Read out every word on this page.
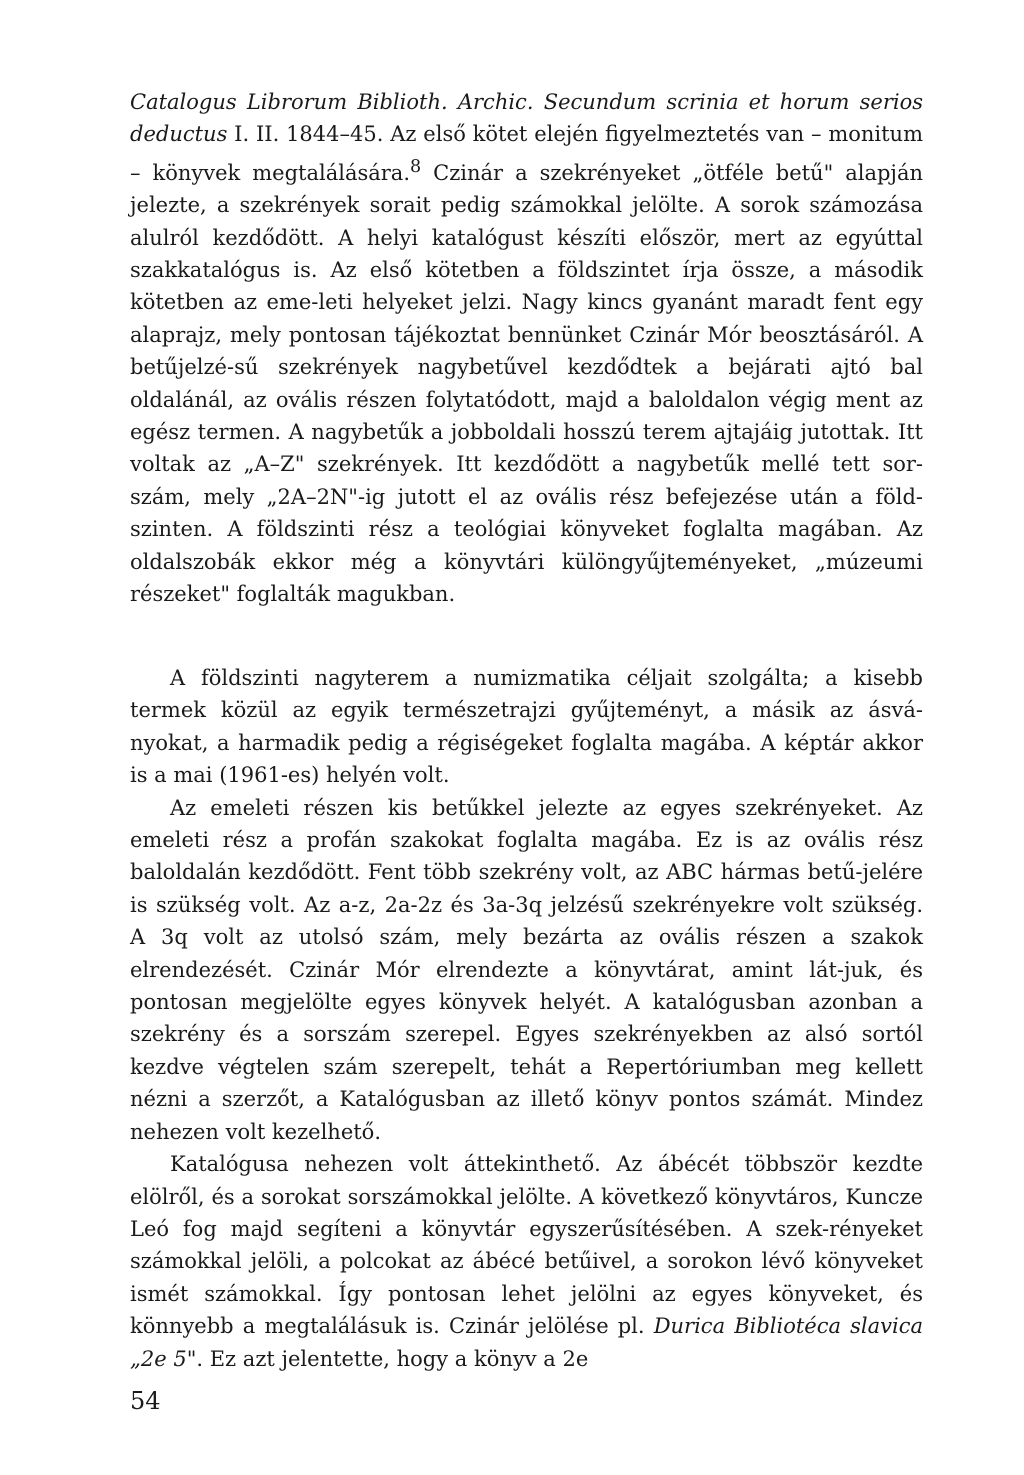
Catalogus Librorum Biblioth. Archic. Secundum scrinia et horum serios deductus I. II. 1844–45. Az első kötet elején figyelmeztetés van – monitum – könyvek megtalálására.$^8$ Czinár a szekrényeket „ötféle betű" alapján jelezte, a szekrények sorait pedig számokkal jelölte. A sorok számozása alulról kezdődött. A helyi katalógust készíti először, mert az egyúttal szakkatalógus is. Az első kötetben a földszintet írja össze, a második kötetben az eme-leti helyeket jelzi. Nagy kincs gyanánt maradt fent egy alaprajz, mely pontosan tájékoztat bennünket Czinár Mór beosztásáról. A betűjelzé-sű szekrények nagybetűvel kezdődtek a bejárati ajtó bal oldalánál, az ovális részen folytatódott, majd a baloldalon végig ment az egész termen. A nagybetűk a jobboldali hosszú terem ajtajáig jutottak. Itt voltak az „A–Z" szekrények. Itt kezdődött a nagybetűk mellé tett sor-szám, mely „2A–2N"-ig jutott el az ovális rész befejezése után a föld-szinten. A földszinti rész a teológiai könyveket foglalta magában. Az oldalszobák ekkor még a könyvtári különgyűjteményeket, „múzeumi részeket" foglalták magukban.

A földszinti nagyterem a numizmatika céljait szolgálta; a kisebb termek közül az egyik természetrajzi gyűjteményt, a másik az ásvá-nyokat, a harmadik pedig a régiségeket foglalta magába. A képtár akkor is a mai (1961-es) helyén volt.

Az emeleti részen kis betűkkel jelezte az egyes szekrényeket. Az emeleti rész a profán szakokat foglalta magába. Ez is az ovális rész baloldalán kezdődött. Fent több szekrény volt, az ABC hármas betű-jelére is szükség volt. Az a-z, 2a-2z és 3a-3q jelzésű szekrényekre volt szükség. A 3q volt az utolsó szám, mely bezárta az ovális részen a szakok elrendezését. Czinár Mór elrendezte a könyvtárat, amint lát-juk, és pontosan megjelölte egyes könyvek helyét. A katalógusban azonban a szekrény és a sorszám szerepel. Egyes szekrényekben az alsó sortól kezdve végtelen szám szerepelt, tehát a Repertóriumban meg kellett nézni a szerzőt, a Katalógusban az illető könyv pontos számát. Mindez nehezen volt kezelhető.

Katalógusa nehezen volt áttekinthető. Az ábécét többször kezdte elölről, és a sorokat sorszámokkal jelölte. A következő könyvtáros, Kuncze Leó fog majd segíteni a könyvtár egyszerűsítésében. A szek-rényeket számokkal jelöli, a polcokat az ábécé betűivel, a sorokon lévő könyveket ismét számokkal. Így pontosan lehet jelölni az egyes könyveket, és könnyebb a megtalálásuk is. Czinár jelölése pl. Durica Bibliotéca slavica „2e 5". Ez azt jelentette, hogy a könyv a 2e

54
